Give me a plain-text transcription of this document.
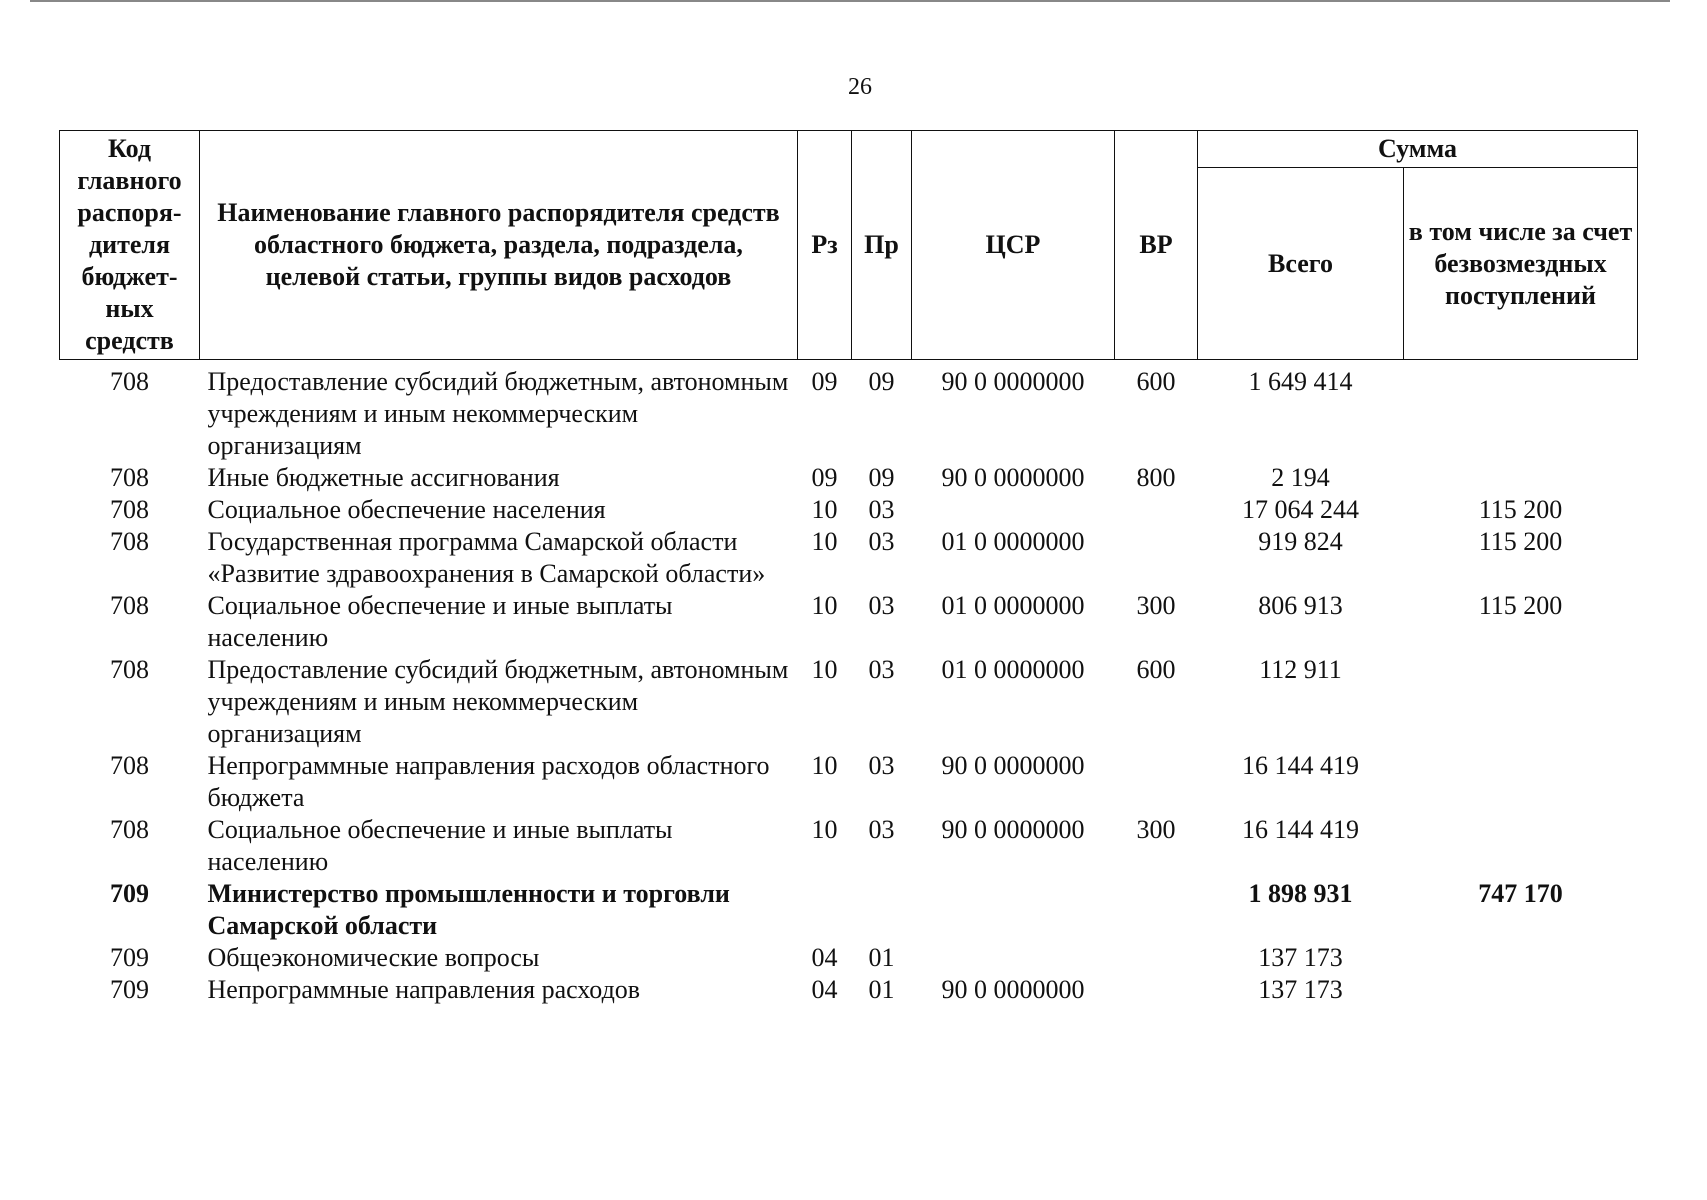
26
Код главного распоря-дителя бюджет-ных средств	Наименование главного распорядителя средств областного бюджета, раздела, подраздела, целевой статьи, группы видов расходов	Рз	Пр	ЦСР	ВР	Сумма	
						Всего	в том числе за счет безвозмездных поступлений
708	Предоставление субсидий бюджетным, автономным учреждениям и иным некоммерческим организациям	09	09	90 0 0000000	600	1 649 414	
708	Иные бюджетные ассигнования	09	09	90 0 0000000	800	2 194	
708	Социальное обеспечение населения	10	03			17 064 244	115 200
708	Государственная программа Самарской области «Развитие здравоохранения в Самарской области»	10	03	01 0 0000000		919 824	115 200
708	Социальное обеспечение и иные выплаты населению	10	03	01 0 0000000	300	806 913	115 200
708	Предоставление субсидий бюджетным, автономным учреждениям и иным некоммерческим организациям	10	03	01 0 0000000	600	112 911	
708	Непрограммные направления расходов областного бюджета	10	03	90 0 0000000		16 144 419	
708	Социальное обеспечение и иные выплаты населению	10	03	90 0 0000000	300	16 144 419	
709	Министерство промышленности и торговли Самарской области					1 898 931	747 170
709	Общеэкономические вопросы	04	01			137 173	
709	Непрограммные направления расходов	04	01	90 0 0000000		137 173	
